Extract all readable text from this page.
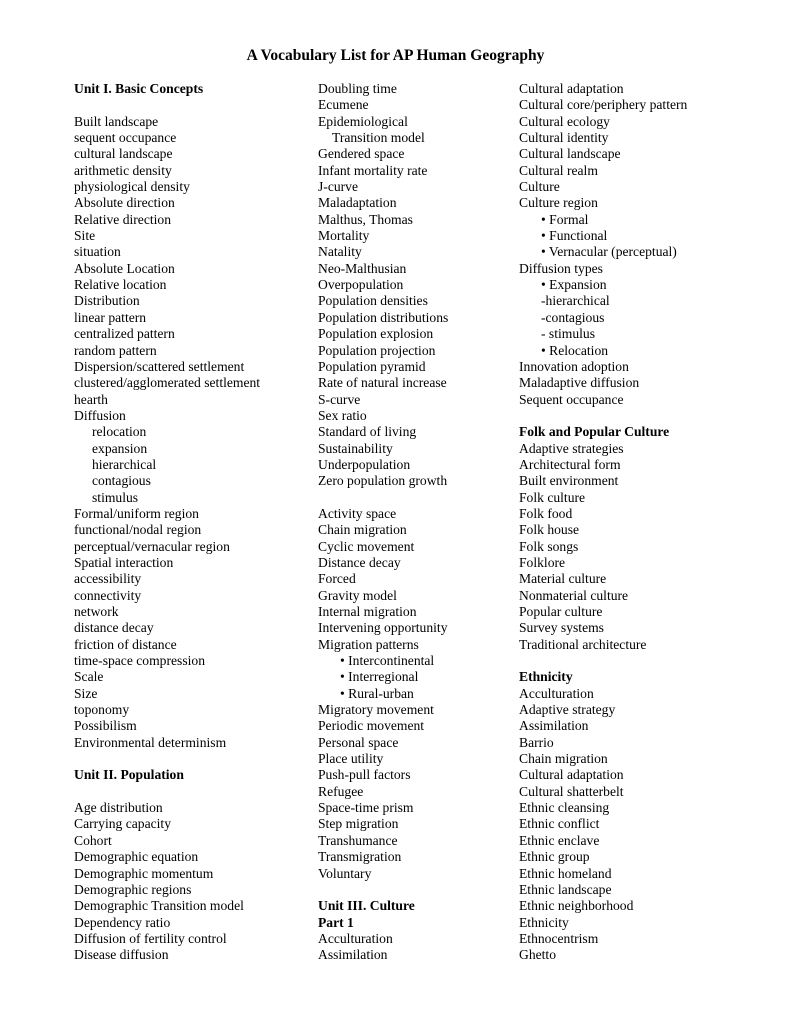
A Vocabulary List for AP Human Geography
Unit I. Basic Concepts
Built landscape
sequent occupance
cultural landscape
arithmetic density
physiological density
Absolute direction
Relative direction
Site
situation
Absolute Location
Relative location
Distribution
linear pattern
centralized pattern
random pattern
Dispersion/scattered settlement
clustered/agglomerated settlement
hearth
Diffusion
relocation
expansion
hierarchical
contagious
stimulus
Formal/uniform region
functional/nodal region
perceptual/vernacular region
Spatial interaction
accessibility
connectivity
network
distance decay
friction of distance
time-space compression
Scale
Size
toponomy
Possibilism
Environmental determinism
Unit II. Population
Age distribution
Carrying capacity
Cohort
Demographic equation
Demographic momentum
Demographic regions
Demographic Transition model
Dependency ratio
Diffusion of fertility control
Disease diffusion
Doubling time
Ecumene
Epidemiological
Transition model
Gendered space
Infant mortality rate
J-curve
Maladaptation
Malthus, Thomas
Mortality
Natality
Neo-Malthusian
Overpopulation
Population densities
Population distributions
Population explosion
Population projection
Population pyramid
Rate of natural increase
S-curve
Sex ratio
Standard of living
Sustainability
Underpopulation
Zero population growth
Activity space
Chain migration
Cyclic movement
Distance decay
Forced
Gravity model
Internal migration
Intervening opportunity
Migration patterns
• Intercontinental
• Interregional
• Rural-urban
Migratory movement
Periodic movement
Personal space
Place utility
Push-pull factors
Refugee
Space-time prism
Step migration
Transhumance
Transmigration
Voluntary
Unit III. Culture
Part 1
Acculturation
Assimilation
Cultural adaptation
Cultural core/periphery pattern
Cultural ecology
Cultural identity
Cultural landscape
Cultural realm
Culture
Culture region
• Formal
• Functional
• Vernacular (perceptual)
Diffusion types
• Expansion
-hierarchical
-contagious
- stimulus
• Relocation
Innovation adoption
Maladaptive diffusion
Sequent occupance
Folk and Popular Culture
Adaptive strategies
Architectural form
Built environment
Folk culture
Folk food
Folk house
Folk songs
Folklore
Material culture
Nonmaterial culture
Popular culture
Survey systems
Traditional architecture
Ethnicity
Acculturation
Adaptive strategy
Assimilation
Barrio
Chain migration
Cultural adaptation
Cultural shatterbelt
Ethnic cleansing
Ethnic conflict
Ethnic enclave
Ethnic group
Ethnic homeland
Ethnic landscape
Ethnic neighborhood
Ethnicity
Ethnocentrism
Ghetto
